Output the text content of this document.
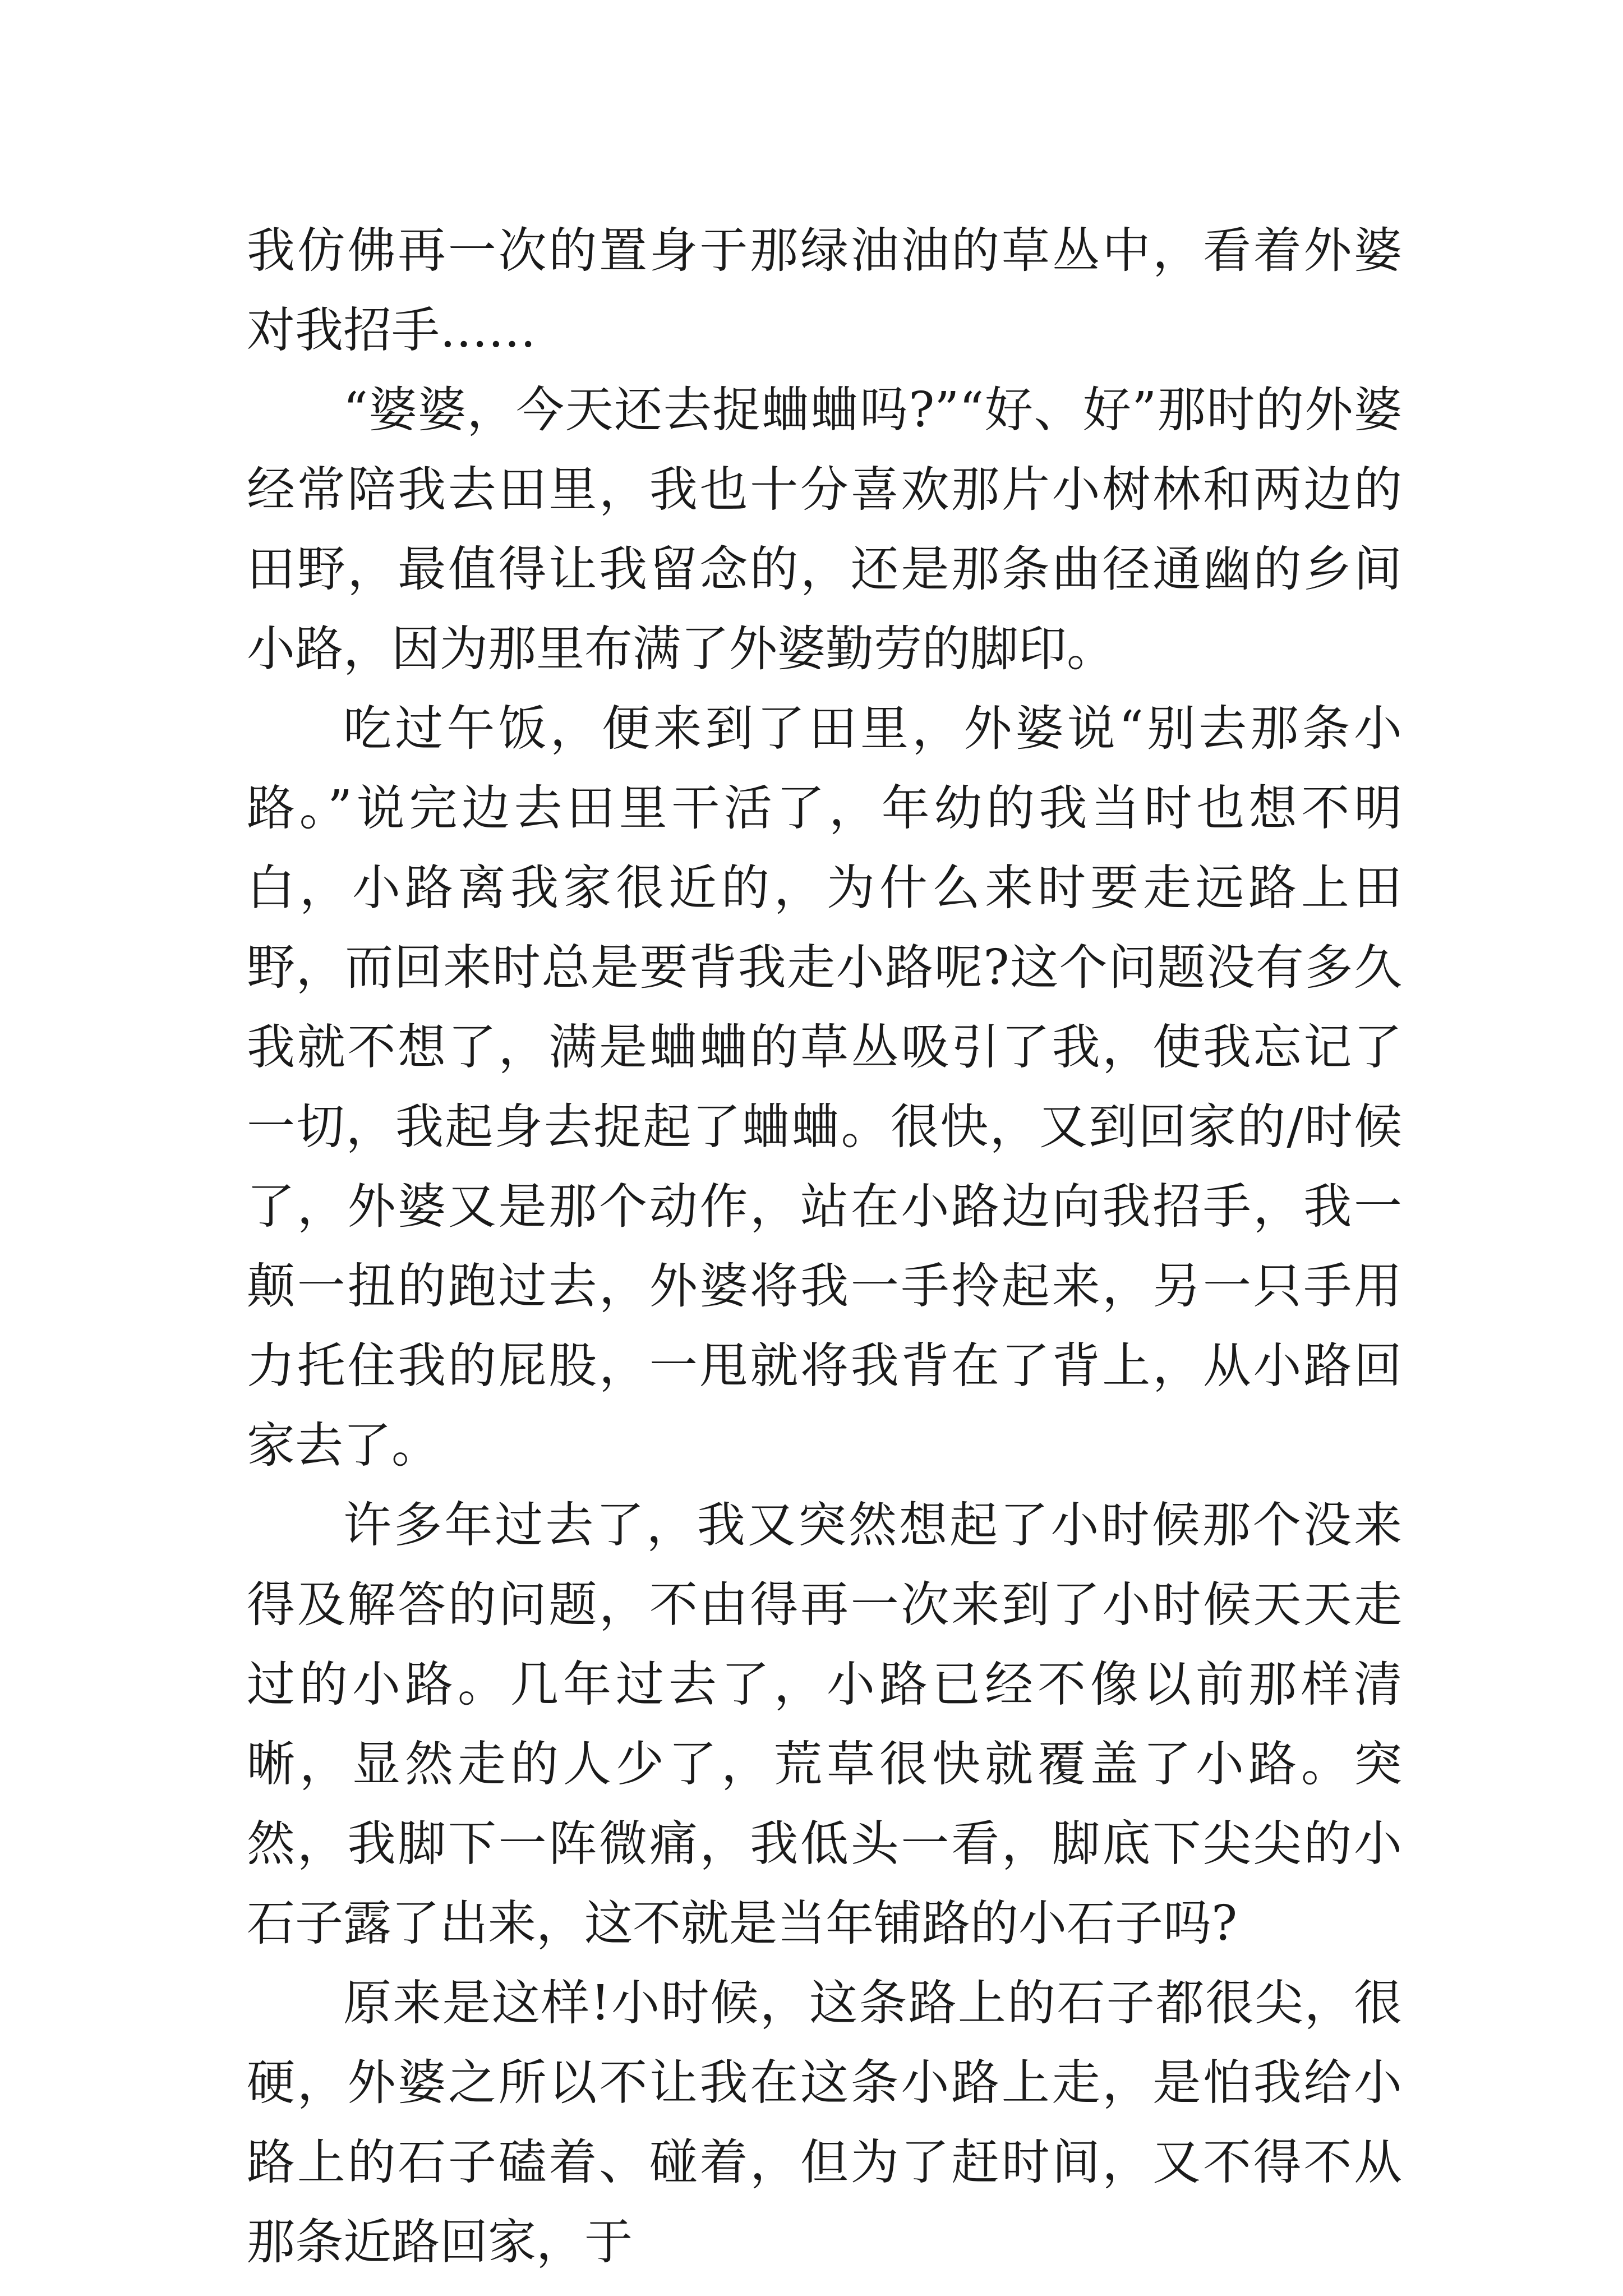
我仿佛再一次的置身于那绿油油的草丛中，看着外婆对我招手……

“婆婆，今天还去捉蛐蛐吗?”“好、好”那时的外婆经常陪我去田里，我也十分喜欢那片小树林和两边的田野，最值得让我留念的，还是那条曲径通幽的乡间小路，因为那里布满了外婆勤劳的脚印。

吃过午饭，便来到了田里，外婆说“别去那条小路。”说完边去田里干活了，年幼的我当时也想不明白，小路离我家很近的，为什么来时要走远路上田野，而回来时总是要背我走小路呢?这个问题没有多久我就不想了，满是蛐蛐的草丛吸引了我，使我忘记了一切，我起身去捉起了蛐蛐。很快，又到回家的/时候了，外婆又是那个动作，站在小路边向我招手，我一颠一扭的跑过去，外婆将我一手拎起来，另一只手用力托住我的屁股，一甩就将我背在了背上，从小路回家去了。

许多年过去了，我又突然想起了小时候那个没来得及解答的问题，不由得再一次来到了小时候天天走过的小路。几年过去了，小路已经不像以前那样清晰，显然走的人少了，荒草很快就覆盖了小路。突然，我脚下一阵微痛，我低头一看，脚底下尖尖的小石子露了出来，这不就是当年铺路的小石子吗?

原来是这样!小时候，这条路上的石子都很尖，很硬，外婆之所以不让我在这条小路上走，是怕我给小路上的石子磕着、碰着，但为了赶时间，又不得不从那条近路回家，于
